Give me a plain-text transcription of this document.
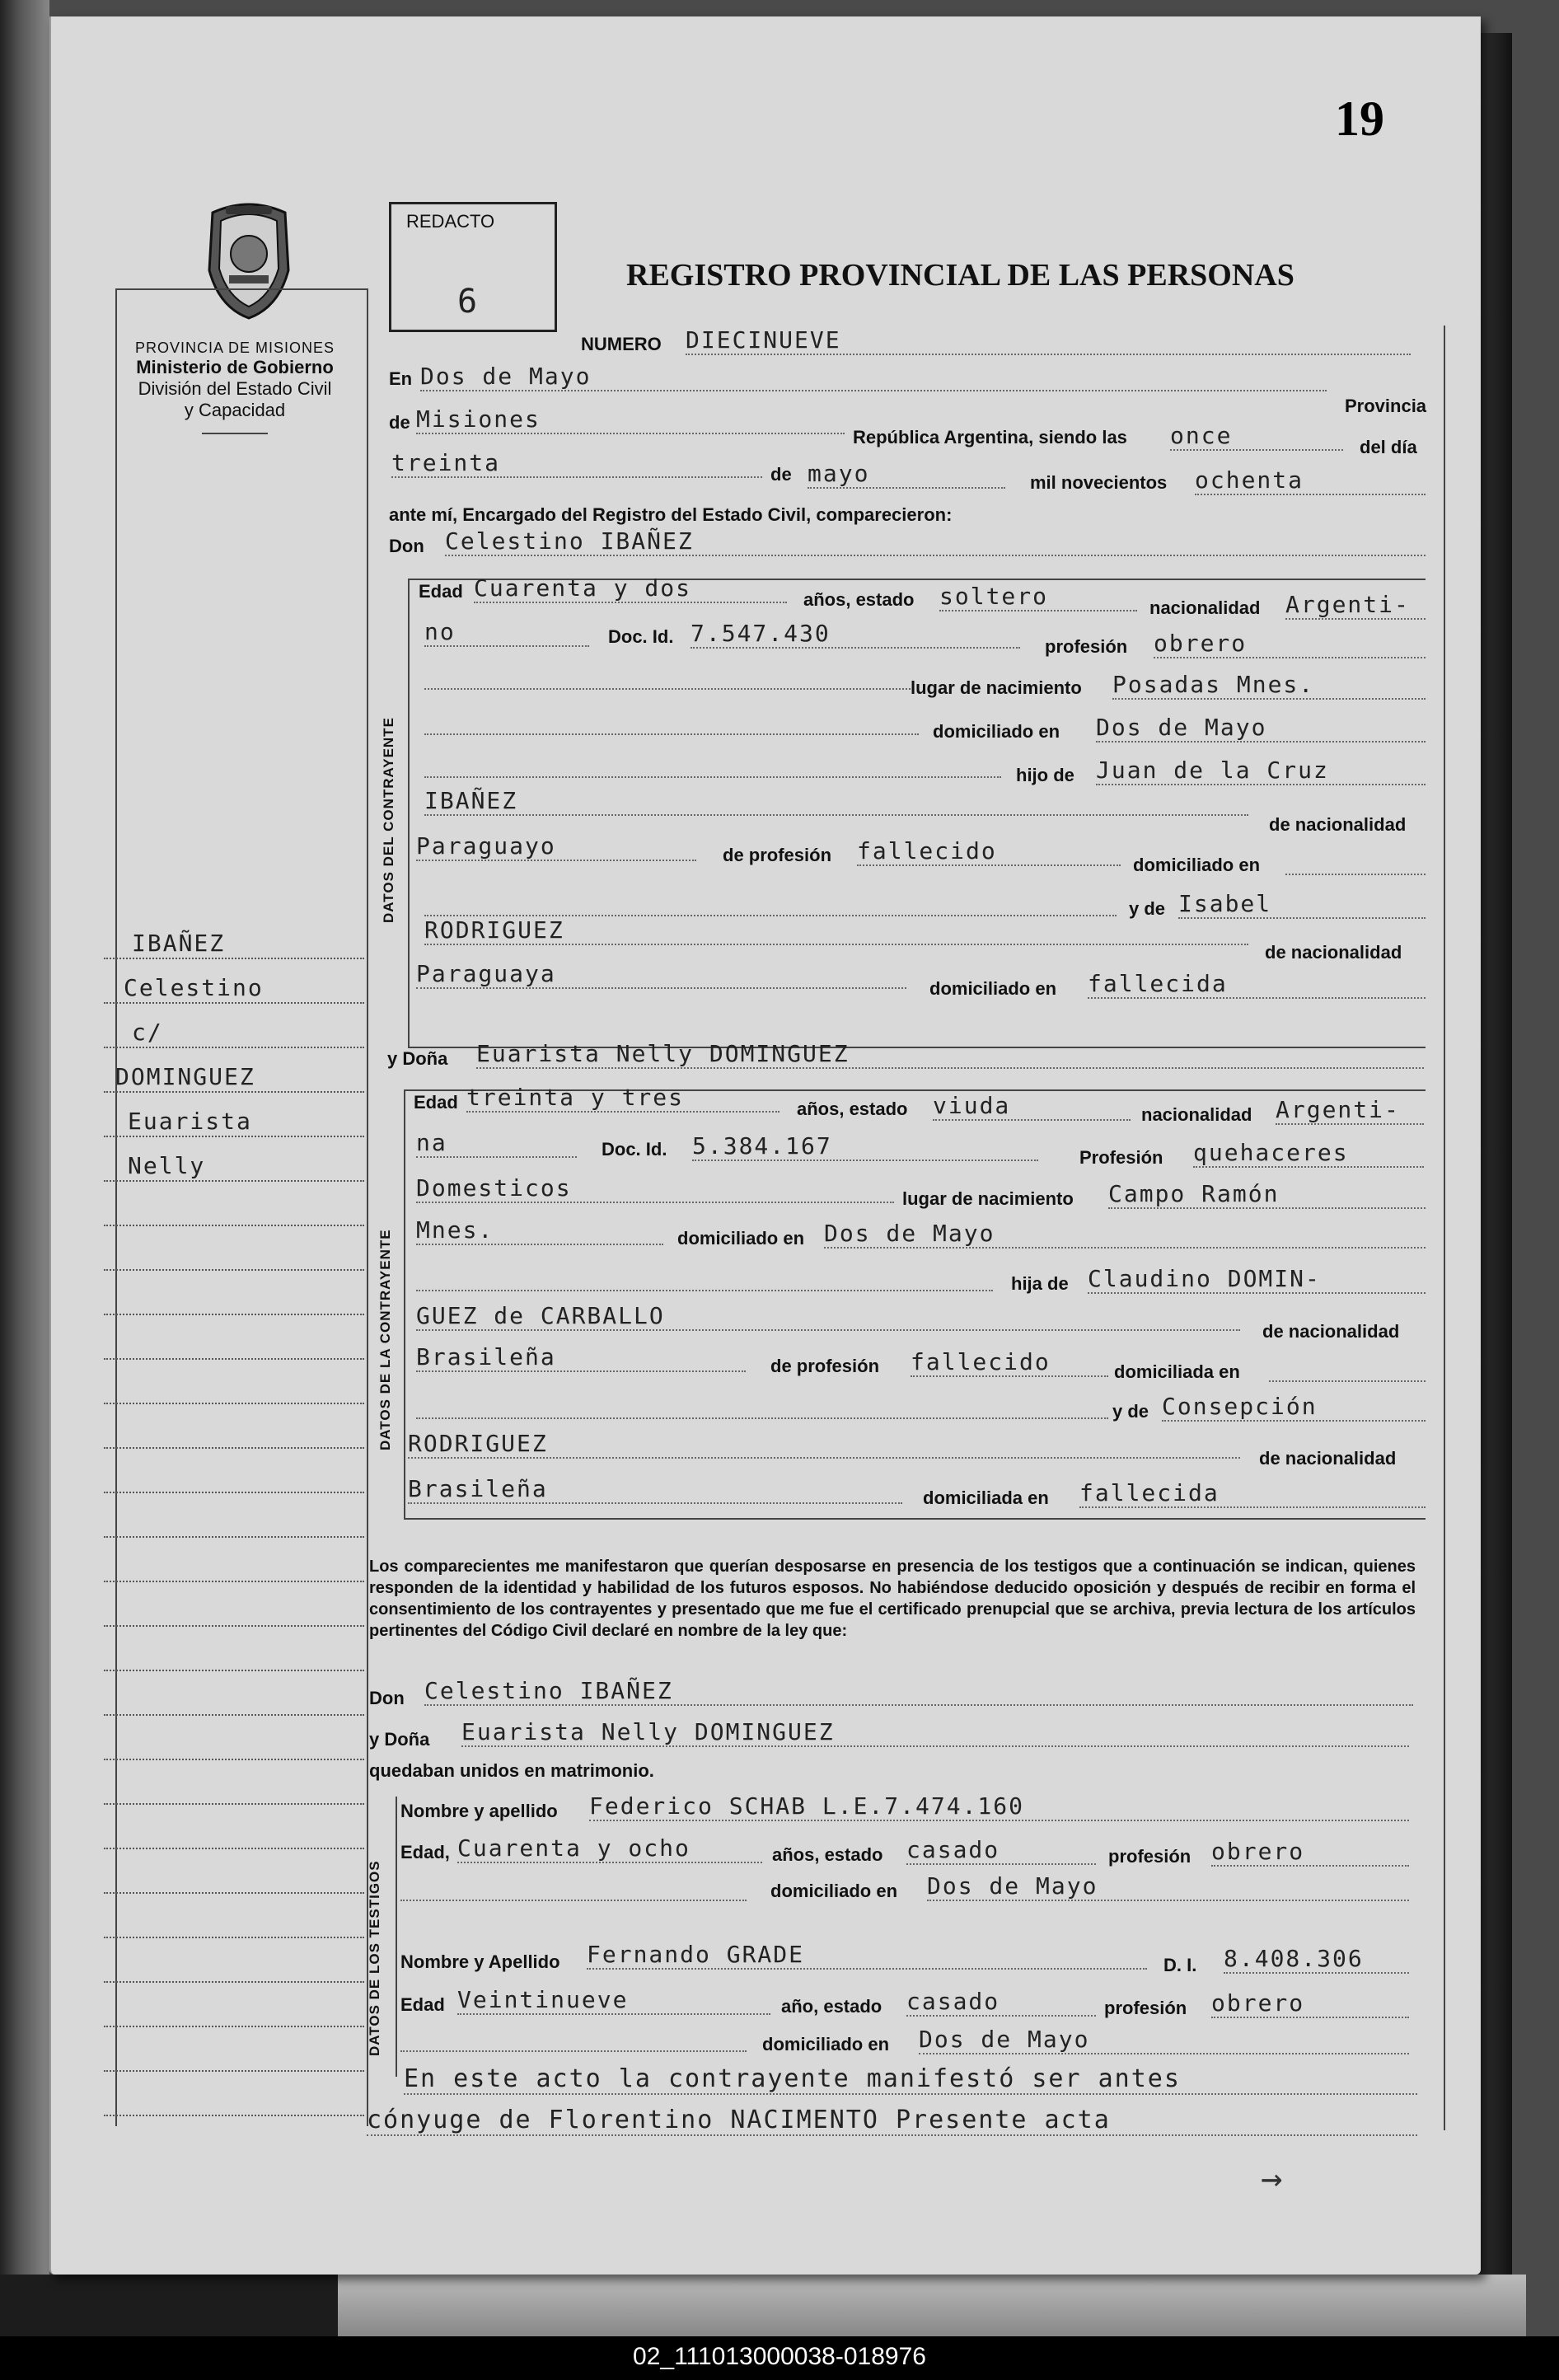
19
PROVINCIA DE MISIONES
Ministerio de Gobierno
División del Estado Civil
y Capacidad
REDACTO
6
REGISTRO PROVINCIAL DE LAS PERSONAS
IBAÑEZ
Celestino
c/
DOMINGUEZ
Euarista
Nelly
NUMERO DIECINUEVE
En Dos de Mayo
Provincia
de Misiones
República Argentina, siendo las once	del día
treinta	de mayo	mil novecientos ochenta
ante mí, Encargado del Registro del Estado Civil, comparecieron:
Don Celestino IBAÑEZ
DATOS DEL CONTRAYENTE
Edad Cuarenta y dos	años, estado soltero	nacionalidad Argenti-
no	Doc. Id. 7.547.430	profesión obrero
lugar de nacimiento Posadas Mnes.
domiciliado en Dos de Mayo
hijo de Juan de la Cruz
IBAÑEZ
de nacionalidad
Paraguayo	de profesión fallecido
domiciliado en
y de Isabel
RODRIGUEZ
de nacionalidad
Paraguaya
domiciliado en fallecida
y Doña Euarista Nelly DOMINGUEZ
DATOS DE LA CONTRAYENTE
Edad treinta y tres	años, estado viuda	nacionalidad Argenti-
na	Doc. Id. 5.384.167	Profesión quehaceres
Domesticos	lugar de nacimiento Campo Ramón
Mnes.	domiciliado en Dos de Mayo
hija de Claudino DOMIN-
GUEZ de CARBALLO
de nacionalidad
Brasileña	de profesión fallecido	domiciliada en
y de Consepción
RODRIGUEZ
de nacionalidad
Brasileña	domiciliada en fallecida
Los comparecientes me manifestaron que querían desposarse en presencia de los testigos que a continuación se indican, quienes responden de la identidad y habilidad de los futuros esposos. No habiéndose deducido oposición y después de recibir en forma el consentimiento de los contrayentes y presentado que me fue el certificado prenupcial que se archiva, previa lectura de los artículos pertinentes del Código Civil declaré en nombre de la ley que:
Don Celestino IBAÑEZ
y Doña Euarista Nelly DOMINGUEZ
quedaban unidos en matrimonio.
DATOS DE LOS TESTIGOS
Nombre y apellido Federico SCHAB L.E.7.474.160
Edad, Cuarenta y ocho	años, estado casado	profesión obrero
domiciliado en Dos de Mayo
Nombre y Apellido Fernando GRADE	D. I. 8.408.306
Edad Veintinueve	año, estado casado	profesión obrero
domiciliado en Dos de Mayo
En este acto la contrayente manifestó ser antes
cónyuge de Florentino NACIMENTO Presente acta
→
02_111013000038-018976
